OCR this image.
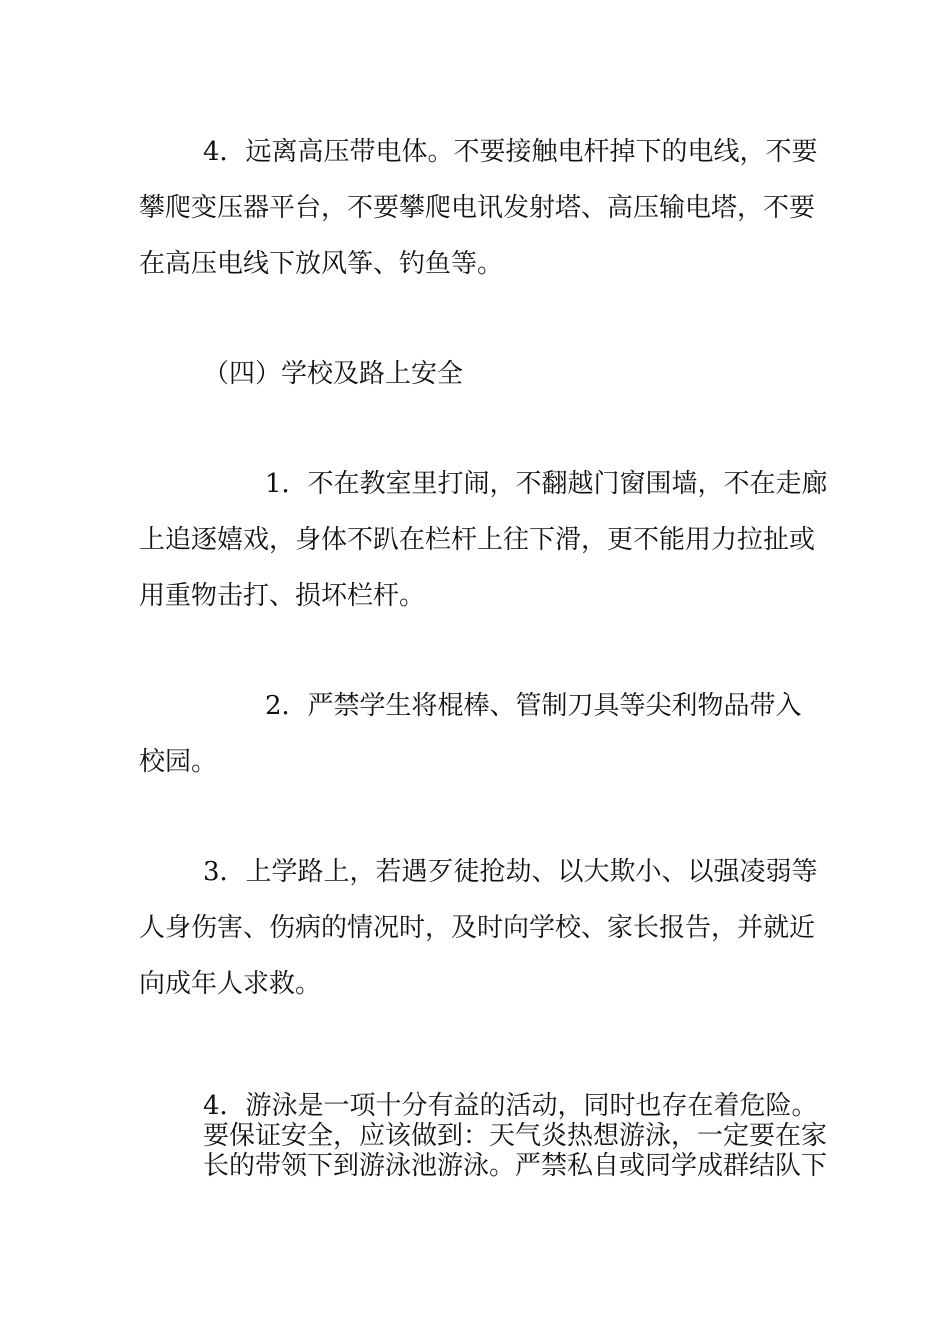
4．远离高压带电体。不要接触电杆掉下的电线，不要
攀爬变压器平台，不要攀爬电讯发射塔、高压输电塔，不要
在高压电线下放风筝、钓鱼等。
（四）学校及路上安全
1．不在教室里打闹，不翻越门窗围墙，不在走廊
上追逐嬉戏，身体不趴在栏杆上往下滑，更不能用力拉扯或
用重物击打、损坏栏杆。
2．严禁学生将棍棒、管制刀具等尖利物品带入
校园。
3．上学路上，若遇歹徒抢劫、以大欺小、以强凌弱等
人身伤害、伤病的情况时，及时向学校、家长报告，并就近
向成年人求救。
4．游泳是一项十分有益的活动，同时也存在着危险。
要保证安全，应该做到：天气炎热想游泳，一定要在家
长的带领下到游泳池游泳。严禁私自或同学成群结队下
